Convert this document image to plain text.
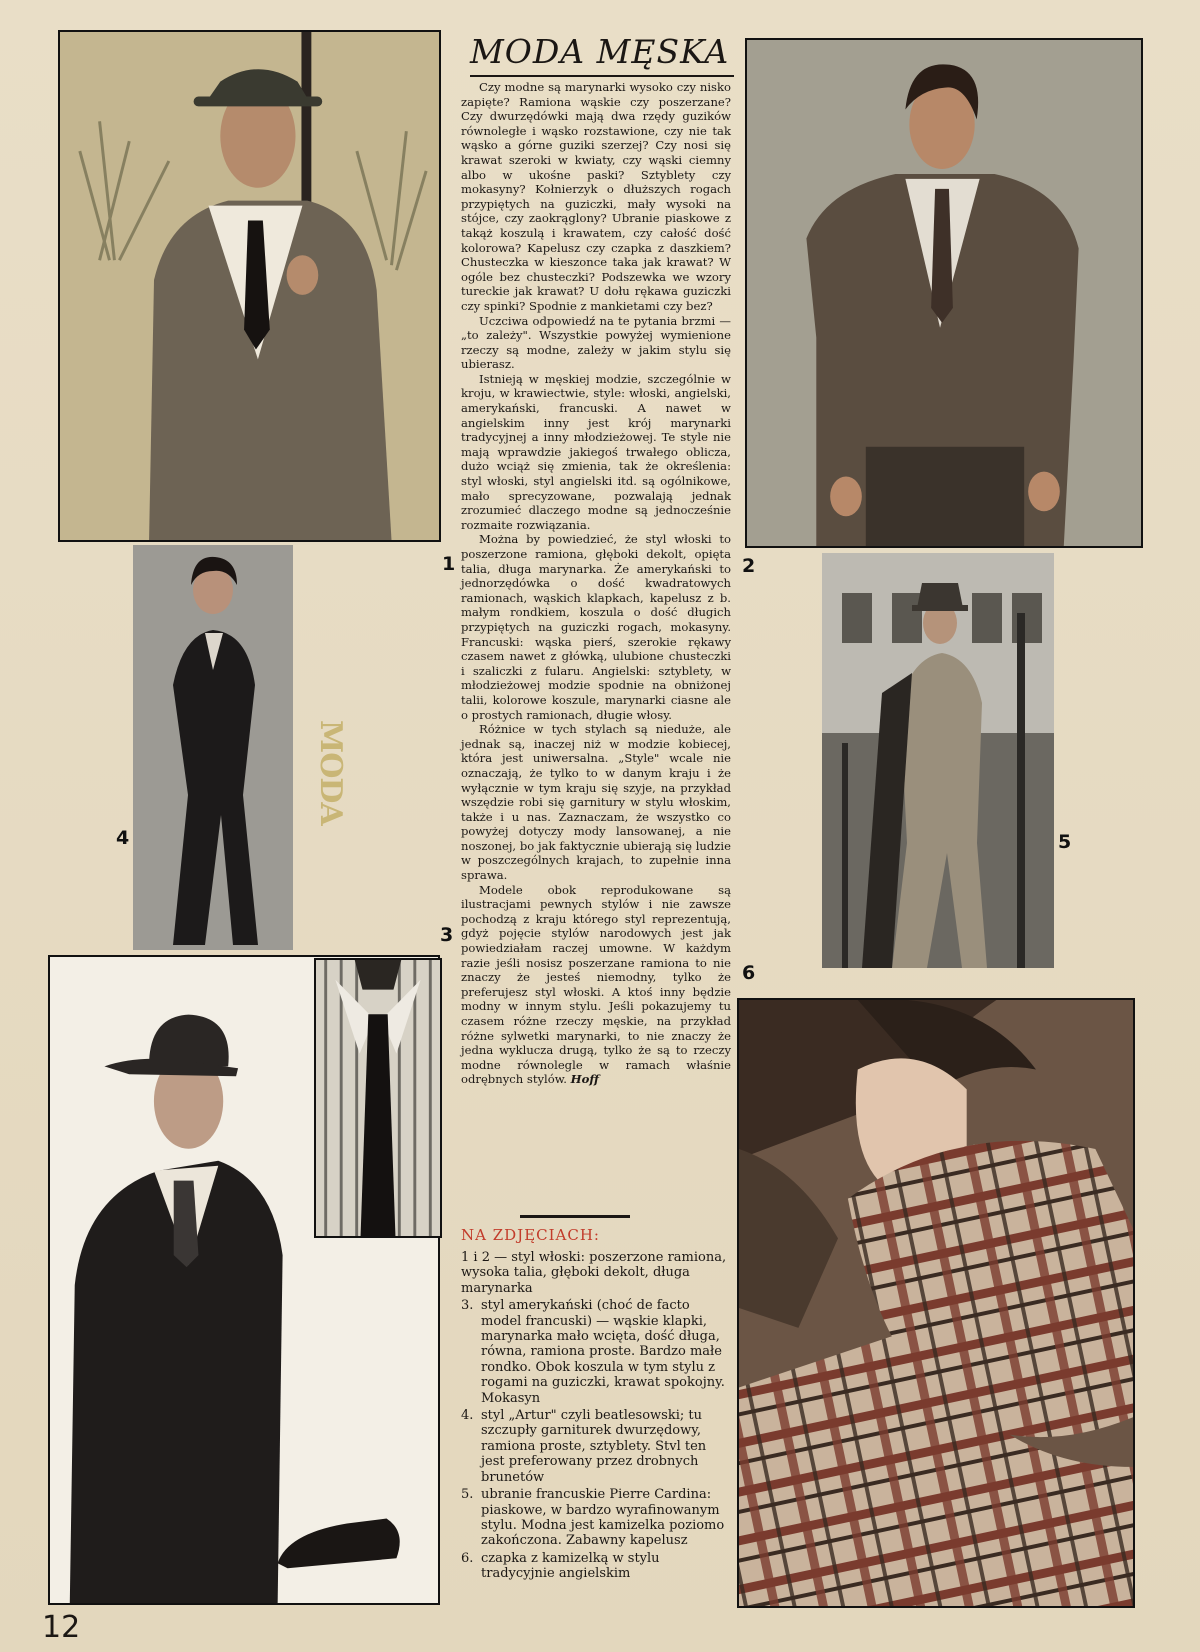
1	2
4
MODA
3
5
6
MODA MĘSKA

Czy modne są marynarki wysoko czy nisko zapięte? Ramiona wąskie czy poszerzane? Czy dwurzędówki mają dwa rzędy guzików równoległe i wąsko rozstawione, czy nie tak wąsko a górne guziki szerzej? Czy nosi się krawat szeroki w kwiaty, czy wąski ciemny albo w ukośne paski? Sztyblety czy mokasyny? Kołnierzyk o dłuższych rogach przypiętych na guziczki, mały wysoki na stójce, czy zaokrąglony? Ubranie piaskowe z takąż koszulą i krawatem, czy całość dość kolorowa? Kapelusz czy czapka z daszkiem? Chusteczka w kieszonce taka jak krawat? W ogóle bez chusteczki? Podszewka we wzory tureckie jak krawat? U dołu rękawa guziczki czy spinki? Spodnie z mankietami czy bez?

Uczciwa odpowiedź na te pytania brzmi — „to zależy". Wszystkie powyżej wymienione rzeczy są modne, zależy w jakim stylu się ubierasz.

Istnieją w męskiej modzie, szczególnie w kroju, w krawiectwie, style: włoski, angielski, amerykański, francuski. A nawet w angielskim inny jest krój marynarki tradycyjnej a inny młodzieżowej. Te style nie mają wprawdzie jakiegoś trwałego oblicza, dużo wciąż się zmienia, tak że określenia: styl włoski, styl angielski itd. są ogólnikowe, mało sprecyzowane, pozwalają jednak zrozumieć dlaczego modne są jednocześnie rozmaite rozwiązania.

Można by powiedzieć, że styl włoski to poszerzone ramiona, głęboki dekolt, opięta talia, długa marynarka. Że amerykański to jednorzędówka o dość kwadratowych ramionach, wąskich klapkach, kapelusz z b. małym rondkiem, koszula o dość długich przypiętych na guziczki rogach, mokasyny. Francuski: wąska pierś, szerokie rękawy czasem nawet z główką, ulubione chusteczki i szaliczki z fularu. Angielski: sztyblety, w młodzieżowej modzie spodnie na obniżonej talii, kolorowe koszule, marynarki ciasne ale o prostych ramionach, długie włosy.

Różnice w tych stylach są nieduże, ale jednak są, inaczej niż w modzie kobiecej, która jest uniwersalna. „Style" wcale nie oznaczają, że tylko to w danym kraju i że wyłącznie w tym kraju się szyje, na przykład wszędzie robi się garnitury w stylu włoskim, także i u nas. Zaznaczam, że wszystko co powyżej dotyczy mody lansowanej, a nie noszonej, bo jak faktycznie ubierają się ludzie w poszczególnych krajach, to zupełnie inna sprawa.

Modele obok reprodukowane są ilustracjami pewnych stylów i nie zawsze pochodzą z kraju którego styl reprezentują, gdyż pojęcie stylów narodowych jest jak powiedziałam raczej umowne. W każdym razie jeśli nosisz poszerzane ramiona to nie znaczy że jesteś niemodny, tylko że preferujesz styl włoski. A ktoś inny będzie modny w innym stylu. Jeśli pokazujemy tu czasem różne rzeczy męskie, na przykład różne sylwetki marynarki, to nie znaczy że jedna wyklucza drugą, tylko że są to rzeczy modne równolegle w ramach właśnie odrębnych stylów. Hoff

NA ZDJĘCIACH:
1 i 2 — styl włoski: poszerzone ramiona, wysoka talia, głęboki dekolt, długa marynarka
3. styl amerykański (choć de facto model francuski) — wąskie klapki, marynarka mało wcięta, dość długa, równa, ramiona proste. Bardzo małe rondko. Obok koszula w tym stylu z rogami na guziczki, krawat spokojny. Mokasyn
4. styl „Artur" czyli beatlesowski; tu szczupły garniturek dwurzędowy, ramiona proste, sztyblety. Stvl ten jest preferowany przez drobnych brunetów
5. ubranie francuskie Pierre Cardina: piaskowe, w bardzo wyrafinowanym stylu. Modna jest kamizelka poziomo zakończona. Zabawny kapelusz
6. czapka z kamizelką w stylu tradycyjnie angielskim
12
